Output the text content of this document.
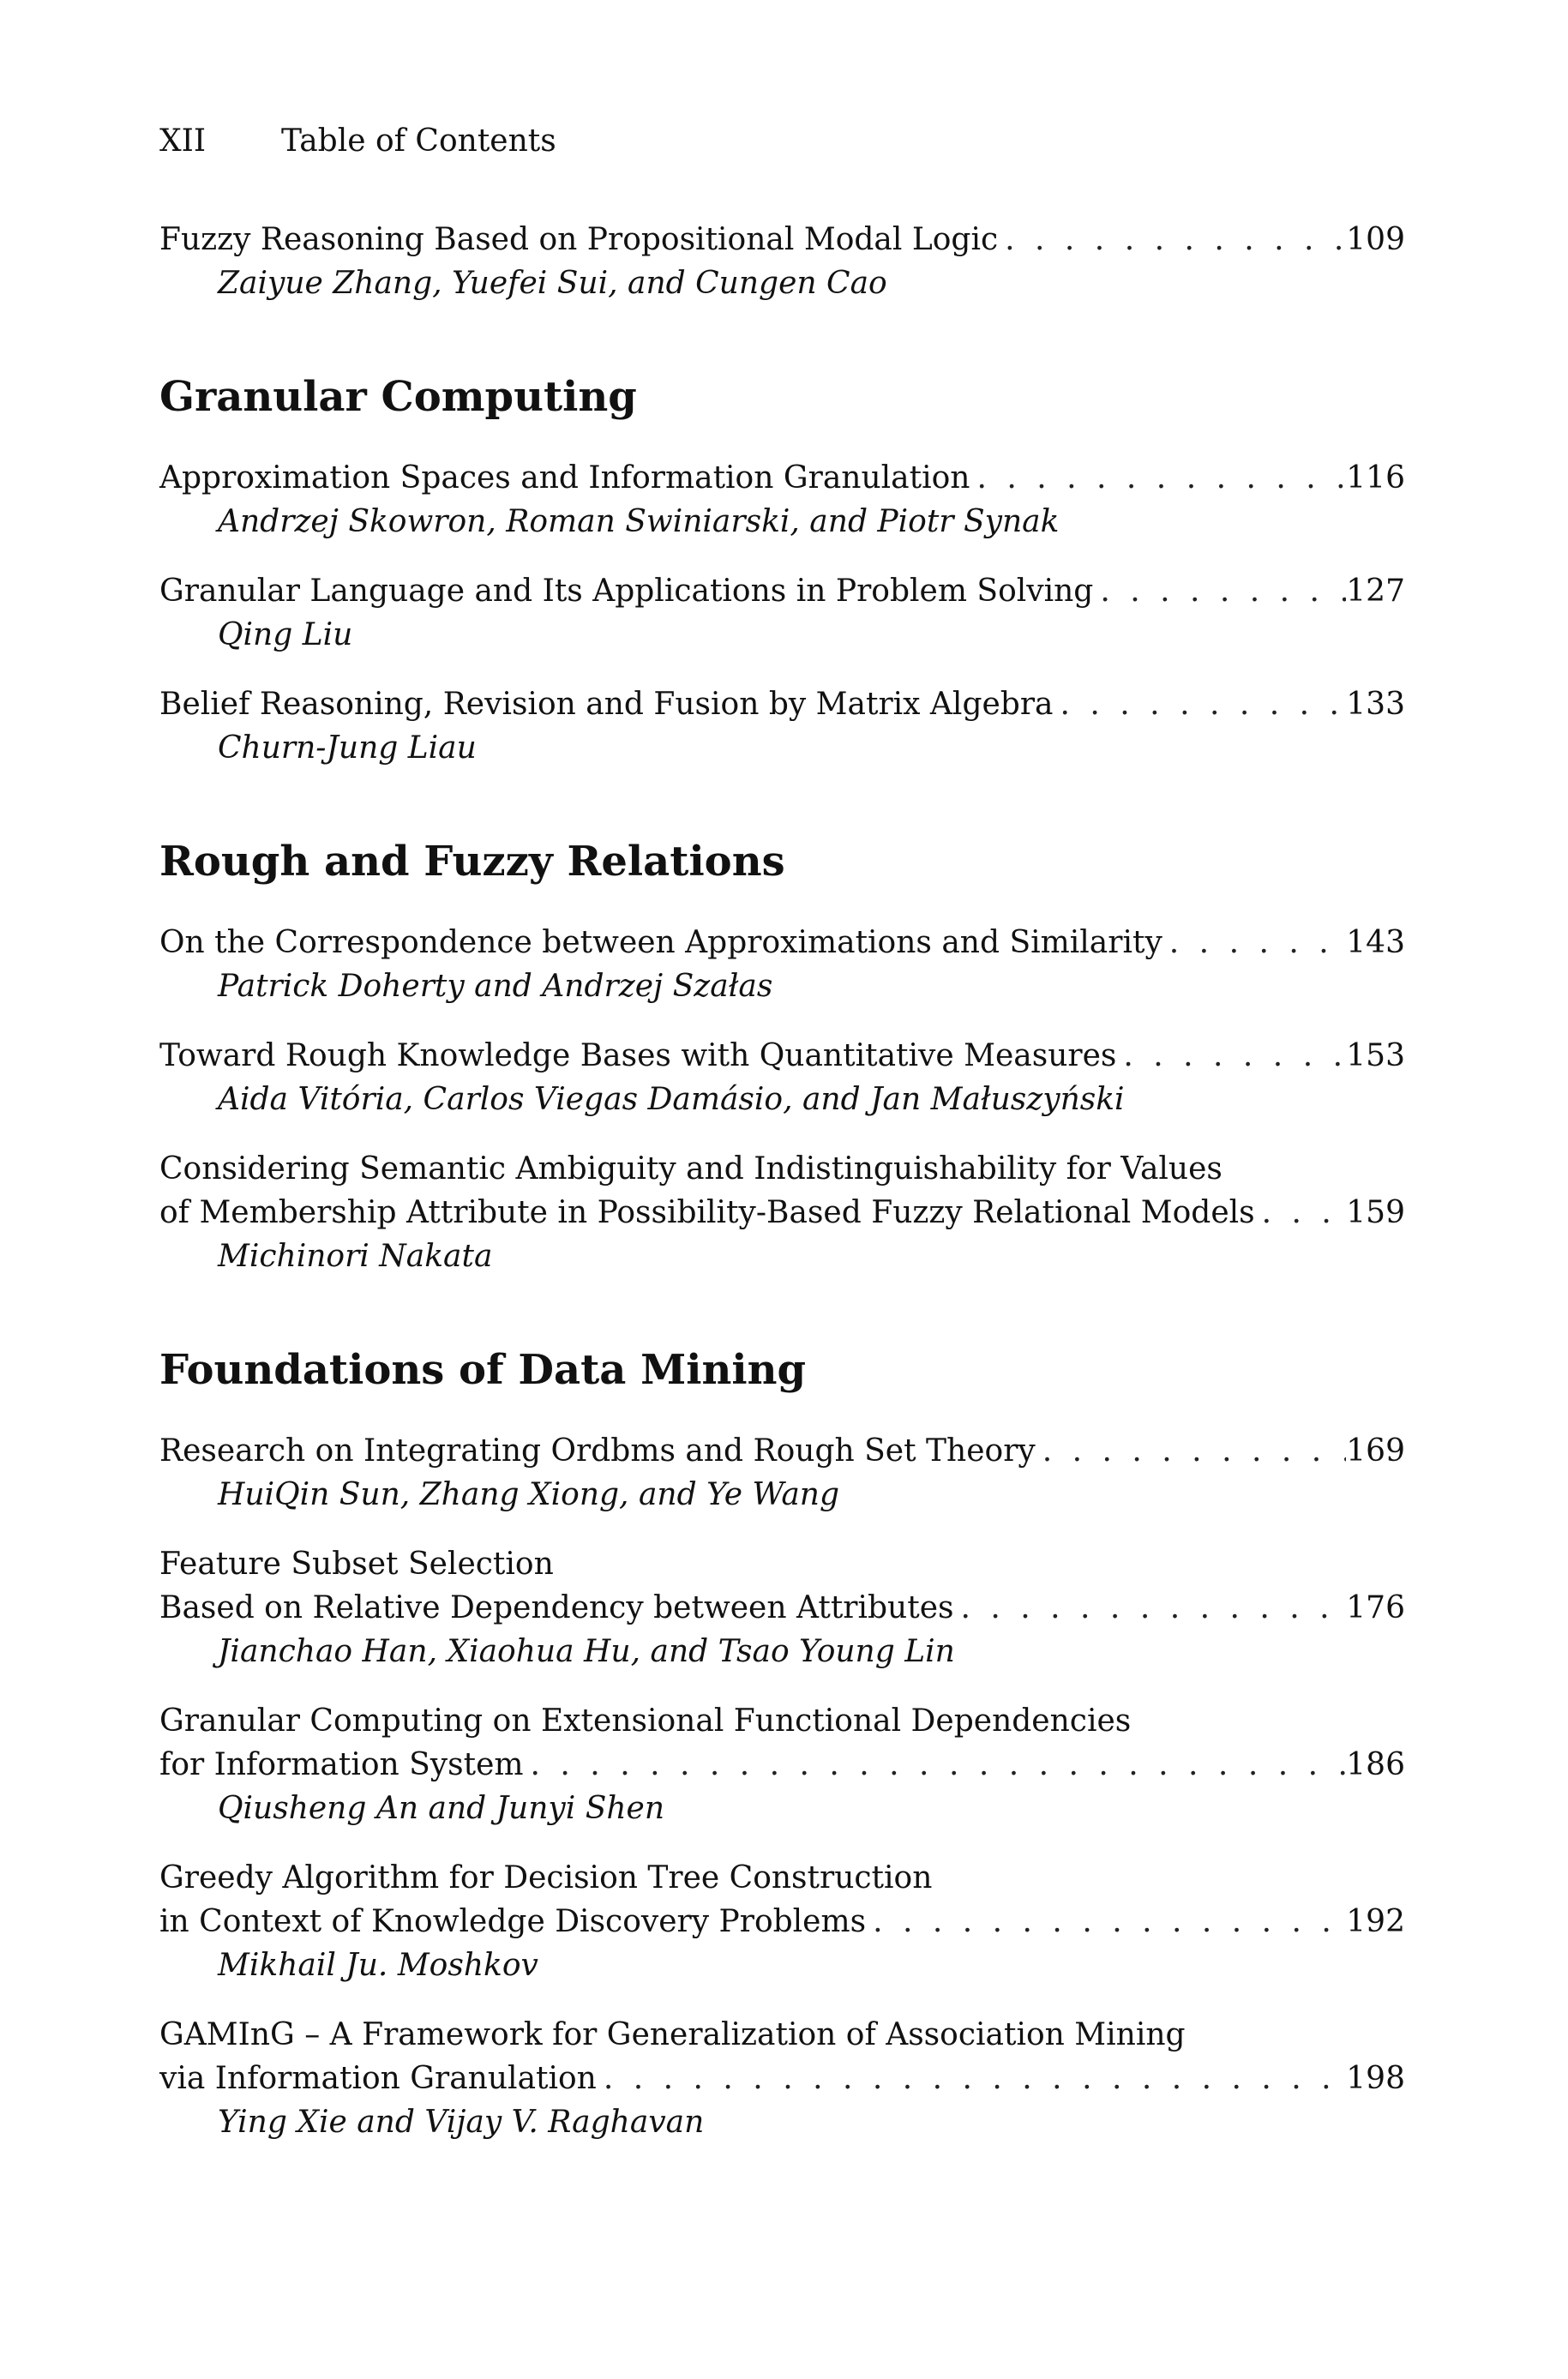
XII Table of Contents
Fuzzy Reasoning Based on Propositional Modal Logic . . .	109
Zaiyue Zhang, Yuefei Sui, and Cungen Cao
Granular Computing
Approximation Spaces and Information Granulation . . .	116
Andrzej Skowron, Roman Swiniarski, and Piotr Synak
Granular Language and Its Applications in Problem Solving . . .	127
Qing Liu
Belief Reasoning, Revision and Fusion by Matrix Algebra . . .	133
Churn-Jung Liau
Rough and Fuzzy Relations
On the Correspondence between Approximations and Similarity . . .	143
Patrick Doherty and Andrzej Szałas
Toward Rough Knowledge Bases with Quantitative Measures . . .	153
Aida Vitória, Carlos Viegas Damásio, and Jan Małuszyński
Considering Semantic Ambiguity and Indistinguishability for Values
of Membership Attribute in Possibility-Based Fuzzy Relational Models . . .	159
Michinori Nakata
Foundations of Data Mining
Research on Integrating Ordbms and Rough Set Theory . . .	169
HuiQin Sun, Zhang Xiong, and Ye Wang
Feature Subset Selection
Based on Relative Dependency between Attributes . . .	176
Jianchao Han, Xiaohua Hu, and Tsao Young Lin
Granular Computing on Extensional Functional Dependencies
for Information System . . .	186
Qiusheng An and Junyi Shen
Greedy Algorithm for Decision Tree Construction
in Context of Knowledge Discovery Problems . . .	192
Mikhail Ju. Moshkov
GAMInG – A Framework for Generalization of Association Mining
via Information Granulation . . .	198
Ying Xie and Vijay V. Raghavan
